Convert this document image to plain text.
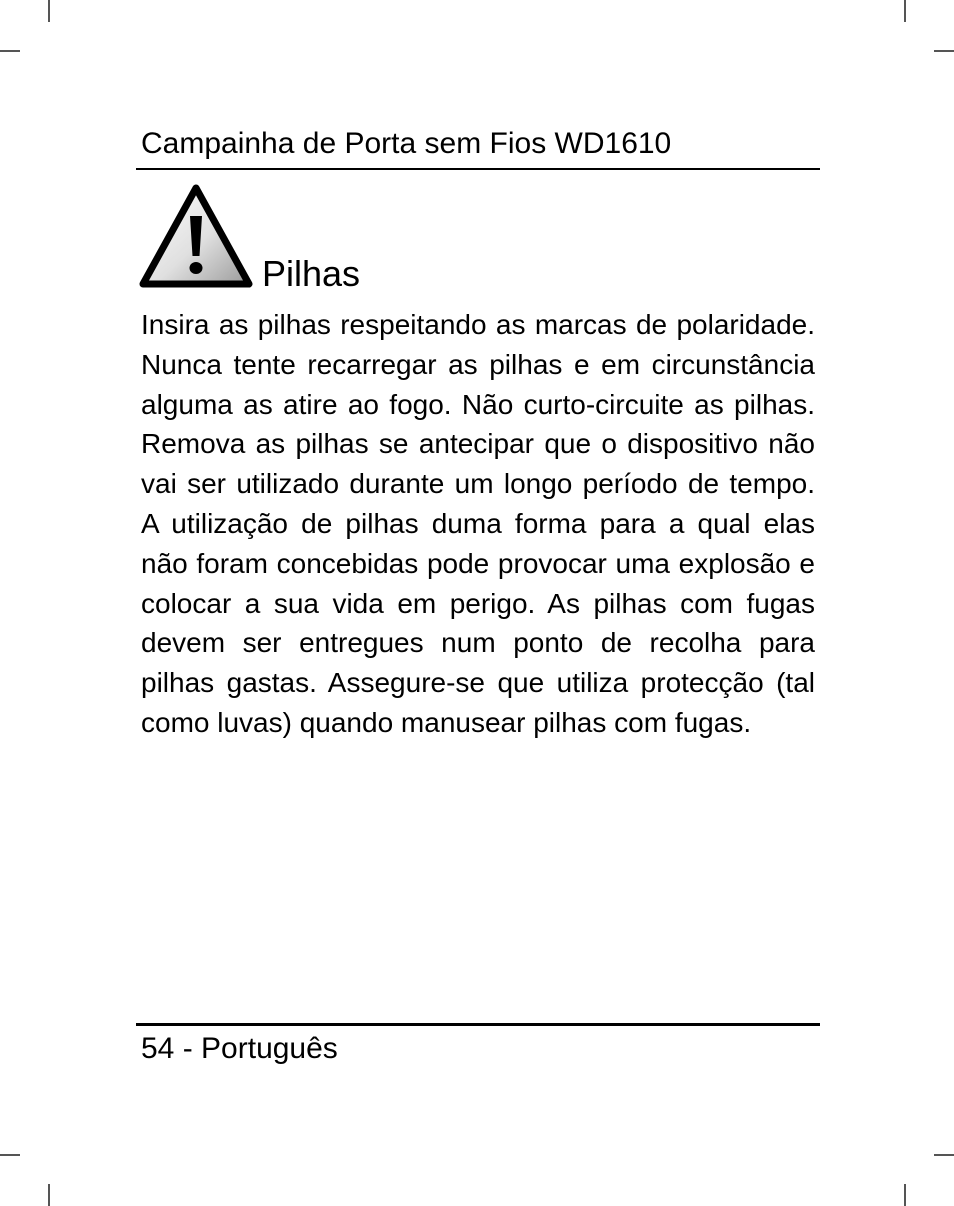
Campainha de Porta sem Fios WD1610
Pilhas

Insira as pilhas respeitando as marcas de polaridade. Nunca tente recarregar as pilhas e em circunstância alguma as atire ao fogo. Não curto-circuite as pilhas. Remova as pilhas se antecipar que o dispositivo não vai ser utilizado durante um longo período de tempo. A utilização de pilhas duma forma para a qual elas não foram concebidas pode provocar uma explosão e colocar a sua vida em perigo. As pilhas com fugas devem ser entregues num ponto de recolha para pilhas gastas. Assegure-se que utiliza protecção (tal como luvas) quando manusear pilhas com fugas.

54 - Português
